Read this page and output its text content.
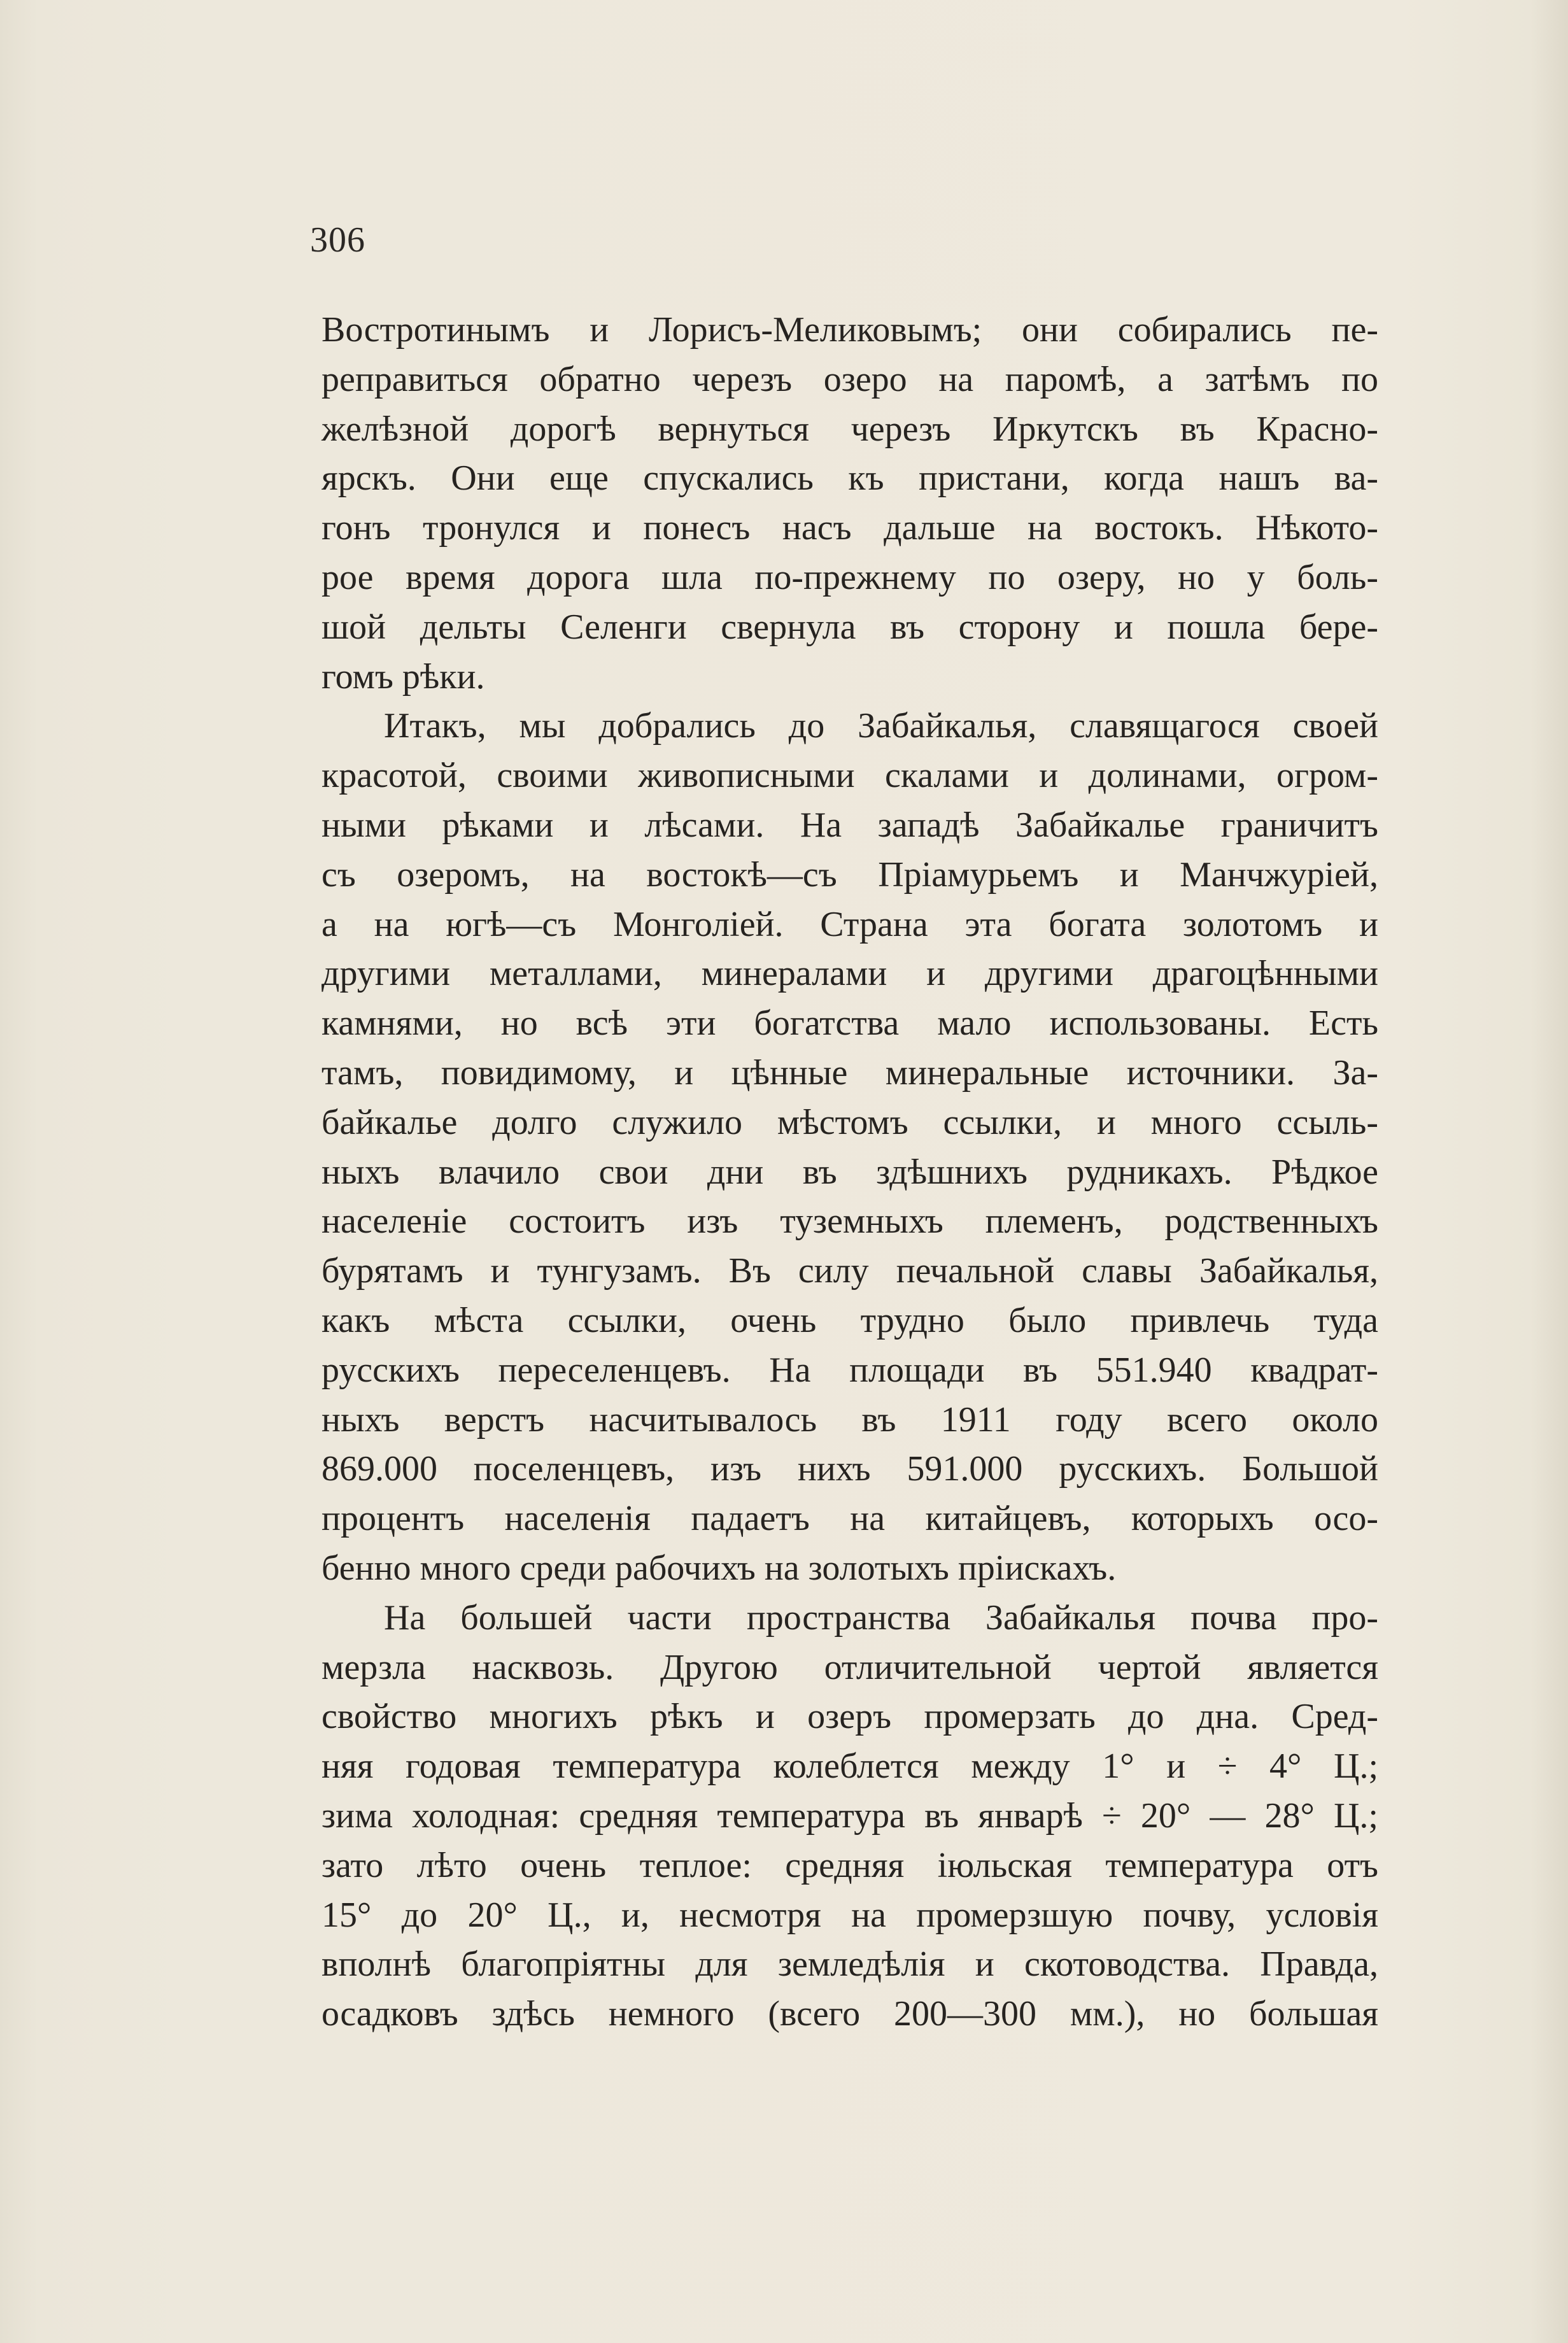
306
Востротинымъ и Лорисъ-Меликовымъ; они собирались пе-
реправиться обратно черезъ озеро на паромѣ, а затѣмъ по
желѣзной дорогѣ вернуться черезъ Иркутскъ въ Красно-
ярскъ. Они еще спускались къ пристани, когда нашъ ва-
гонъ тронулся и понесъ насъ дальше на востокъ. Нѣкото-
рое время дорога шла по-прежнему по озеру, но у боль-
шой дельты Селенги свернула въ сторону и пошла бере-
гомъ рѣки.
Итакъ, мы добрались до Забайкалья, славящагося своей
красотой, своими живописными скалами и долинами, огром-
ными рѣками и лѣсами. На западѣ Забайкалье граничитъ
съ озеромъ, на востокѣ—съ Пріамурьемъ и Манчжуріей,
а на югѣ—съ Монголіей. Страна эта богата золотомъ и
другими металлами, минералами и другими драгоцѣнными
камнями, но всѣ эти богатства мало использованы. Есть
тамъ, повидимому, и цѣнные минеральные источники. За-
байкалье долго служило мѣстомъ ссылки, и много ссыль-
ныхъ влачило свои дни въ здѣшнихъ рудникахъ. Рѣдкое
населеніе состоитъ изъ туземныхъ племенъ, родственныхъ
бурятамъ и тунгузамъ. Въ силу печальной славы Забайкалья,
какъ мѣста ссылки, очень трудно было привлечь туда
русскихъ переселенцевъ. На площади въ 551.940 квадрат-
ныхъ верстъ насчитывалось въ 1911 году всего около
869.000 поселенцевъ, изъ нихъ 591.000 русскихъ. Большой
процентъ населенія падаетъ на китайцевъ, которыхъ осо-
бенно много среди рабочихъ на золотыхъ пріискахъ.
На большей части пространства Забайкалья почва про-
мерзла насквозь. Другою отличительной чертой является
свойство многихъ рѣкъ и озеръ промерзать до дна. Сред-
няя годовая температура колеблется между 1° и ÷ 4° Ц.;
зима холодная: средняя температура въ январѣ ÷ 20° — 28° Ц.;
зато лѣто очень теплое: средняя іюльская температура отъ
15° до 20° Ц., и, несмотря на промерзшую почву, условія
вполнѣ благопріятны для земледѣлія и скотоводства. Правда,
осадковъ здѣсь немного (всего 200—300 мм.), но большая
